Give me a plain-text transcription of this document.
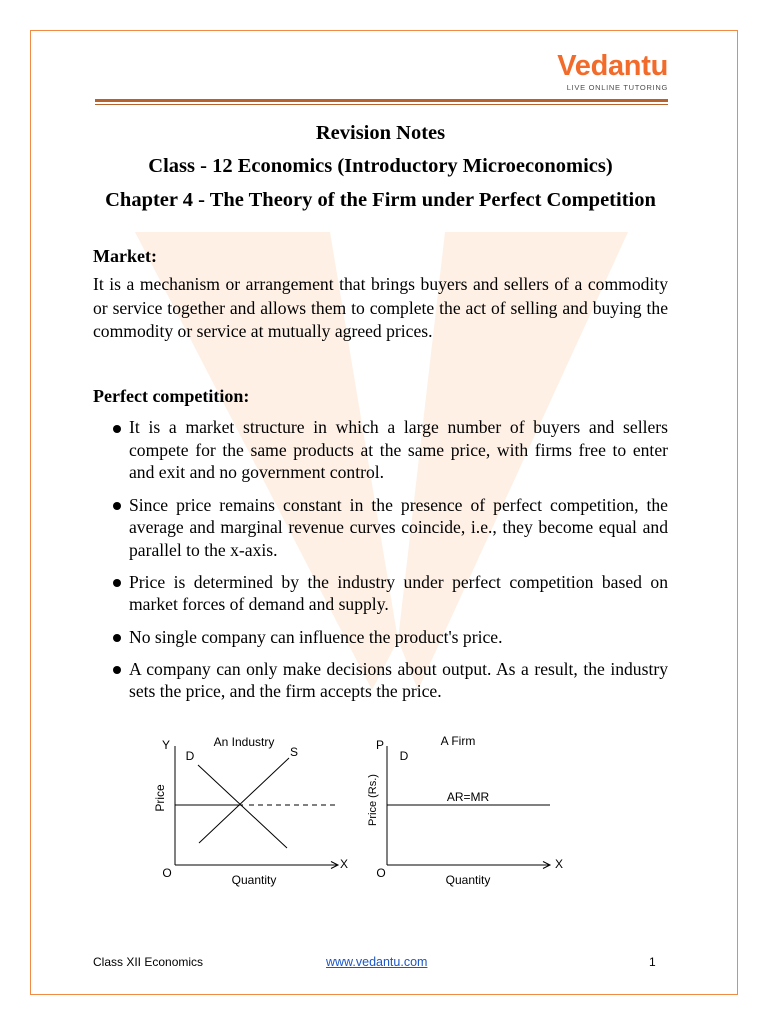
Vedantu
LIVE ONLINE TUTORING
Revision Notes
Class - 12 Economics (Introductory Microeconomics)
Chapter 4 - The Theory of the Firm under Perfect Competition
Market:
It is a mechanism or arrangement that brings buyers and sellers of a commodity or service together and allows them to complete the act of selling and buying the commodity or service at mutually agreed prices.
Perfect competition:
It is a market structure in which a large number of buyers and sellers compete for the same products at the same price, with firms free to enter and exit and no government control.
Since price remains constant in the presence of perfect competition, the average and marginal revenue curves coincide, i.e., they become equal and parallel to the x-axis.
Price is determined by the industry under perfect competition based on market forces of demand and supply.
No single company can influence the product's price.
A company can only make decisions about output. As a result, the industry sets the price, and the firm accepts the price.
An Industry
Y
D	S
X
O	Quantity
Price
A Firm
P
D
AR=MR
X
O	Quantity
Price (Rs.)
Class XII Economics	www.vedantu.com	1
